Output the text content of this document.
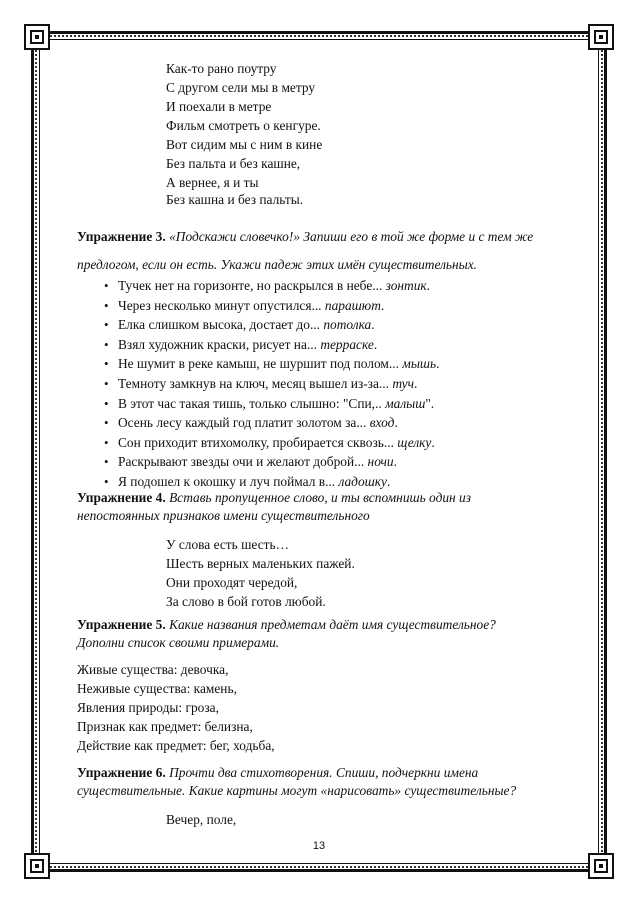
Как-то рано поутру
С другом сели мы в метру
И поехали в метре
Фильм смотреть о кенгуре.
Вот сидим мы с ним в кине
Без пальта и без кашне,
А вернее, я и ты
Без кашна и без пальты.
Упражнение 3. «Подскажи словечко!» Запиши его в той же форме и с тем же
предлогом, если он есть. Укажи падеж этих имён существительных.
• Тучек нет на горизонте, но раскрылся в небе... зонтик.
• Через несколько минут опустился... парашют.
• Елка слишком высока, достает до... потолка.
• Взял художник краски, рисует на... терраске.
• Не шумит в реке камыш, не шуршит под полом... мышь.
• Темноту замкнув на ключ, месяц вышел из-за... туч.
• В этот час такая тишь, только слышно: "Спи,.. малыш".
• Осень лесу каждый год платит золотом за... вход.
• Сон приходит втихомолку, пробирается сквозь... щелку.
• Раскрывают звезды очи и желают доброй... ночи.
• Я подошел к окошку и луч поймал в... ладошку.
Упражнение 4. Вставь пропущенное слово, и ты вспомнишь один из
непостоянных признаков имени существительного
У слова есть шесть…
Шесть верных маленьких пажей.
Они проходят чередой,
За слово в бой готов любой.
Упражнение 5. Какие названия предметам даёт имя существительное?
Дополни список своими примерами.
Живые существа: девочка,
Неживые существа: камень,
Явления природы: гроза,
Признак как предмет: белизна,
Действие как предмет: бег, ходьба,
Упражнение 6. Прочти два стихотворения. Спиши, подчеркни имена
существительные. Какие картины могут «нарисовать» существительные?
Вечер, поле,
13
